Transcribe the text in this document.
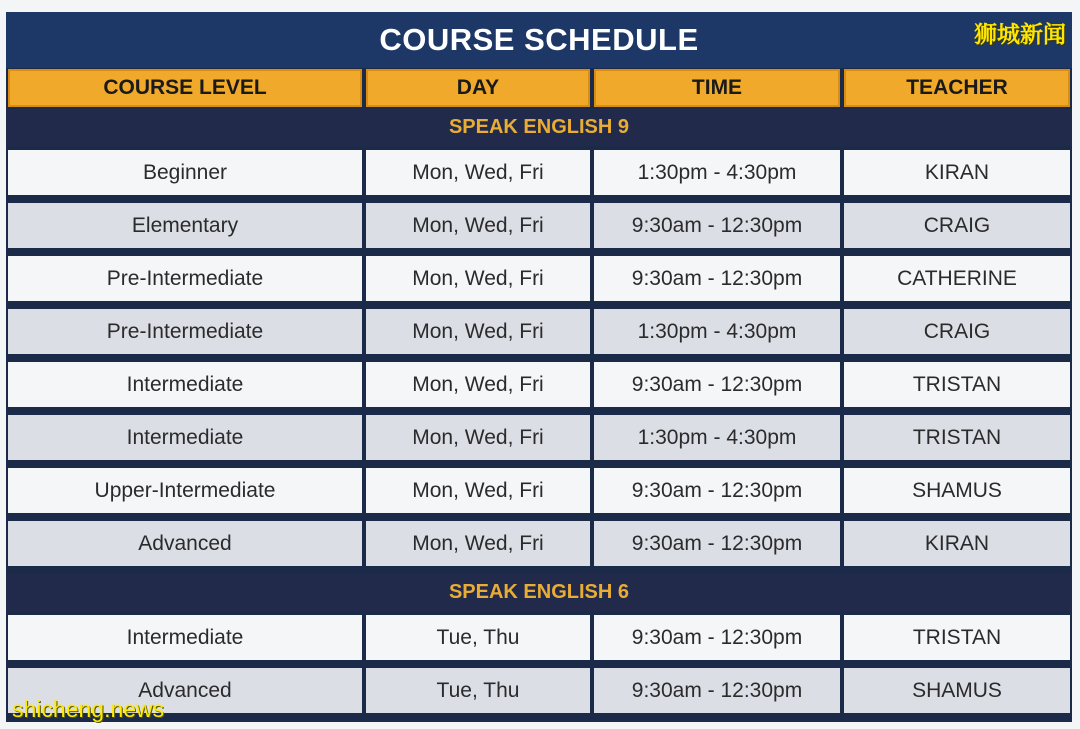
COURSE SCHEDULE
COURSE LEVEL	DAY	TIME	TEACHER
SPEAK ENGLISH 9
Beginner	Mon, Wed, Fri	1:30pm - 4:30pm	KIRAN
Elementary	Mon, Wed, Fri	9:30am - 12:30pm	CRAIG
Pre-Intermediate	Mon, Wed, Fri	9:30am - 12:30pm	CATHERINE
Pre-Intermediate	Mon, Wed, Fri	1:30pm - 4:30pm	CRAIG
Intermediate	Mon, Wed, Fri	9:30am - 12:30pm	TRISTAN
Intermediate	Mon, Wed, Fri	1:30pm - 4:30pm	TRISTAN
Upper-Intermediate	Mon, Wed, Fri	9:30am - 12:30pm	SHAMUS
Advanced	Mon, Wed, Fri	9:30am - 12:30pm	KIRAN
SPEAK ENGLISH 6
Intermediate	Tue, Thu	9:30am - 12:30pm	TRISTAN
Advanced	Tue, Thu	9:30am - 12:30pm	SHAMUS
狮城新闻
shicheng.news
